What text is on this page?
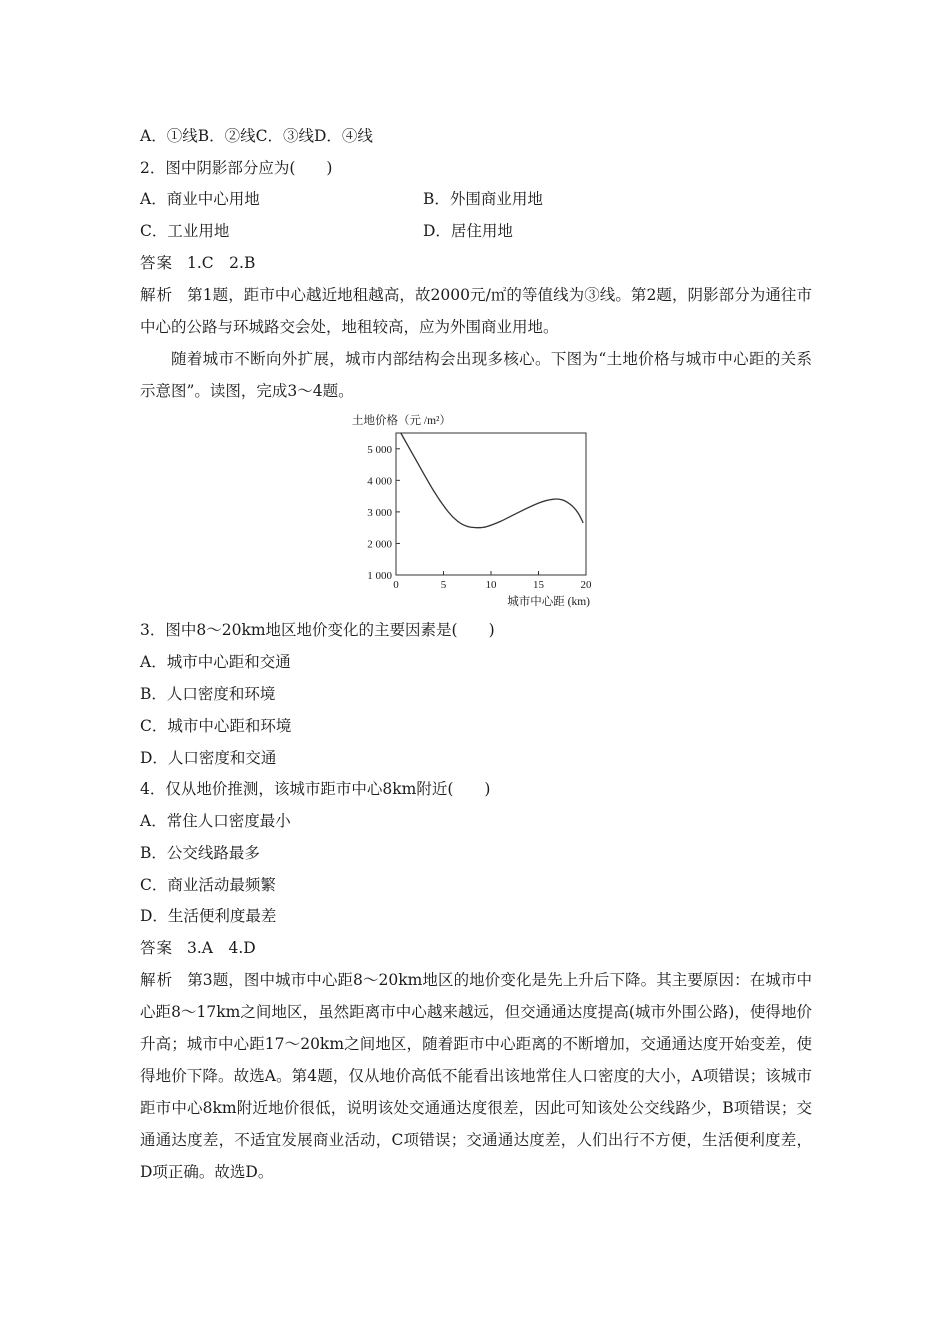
A．①线B．②线C．③线D．④线
2．图中阴影部分应为(　　)
A．商业中心用地	B．外围商业用地
C．工业用地	D．居住用地
答案 1.C　2.B
解析 第1题，距市中心越近地租越高，故2000元/㎡的等值线为③线。第2题，阴影部分为通往市中心的公路与环城路交会处，地租较高，应为外围商业用地。
随着城市不断向外扩展，城市内部结构会出现多核心。下图为“土地价格与城市中心距的关系示意图”。读图，完成3～4题。
土地价格（元 /m²）
1 000
2 000
3 000
4 000
5 000
0	5	10	15	20
城市中心距 (km)
3．图中8～20km地区地价变化的主要因素是(　　)
A．城市中心距和交通
B．人口密度和环境
C．城市中心距和环境
D．人口密度和交通
4．仅从地价推测，该城市距市中心8km附近(　　)
A．常住人口密度最小
B．公交线路最多
C．商业活动最频繁
D．生活便利度最差
答案 3.A　4.D
解析 第3题，图中城市中心距8～20km地区的地价变化是先上升后下降。其主要原因：在城市中心距8～17km之间地区，虽然距离市中心越来越远，但交通通达度提高(城市外围公路)，使得地价升高；城市中心距17～20km之间地区，随着距市中心距离的不断增加，交通通达度开始变差，使得地价下降。故选A。第4题，仅从地价高低不能看出该地常住人口密度的大小，A项错误；该城市距市中心8km附近地价很低，说明该处交通通达度很差，因此可知该处公交线路少，B项错误；交通通达度差，不适宜发展商业活动，C项错误；交通通达度差，人们出行不方便，生活便利度差，D项正确。故选D。
